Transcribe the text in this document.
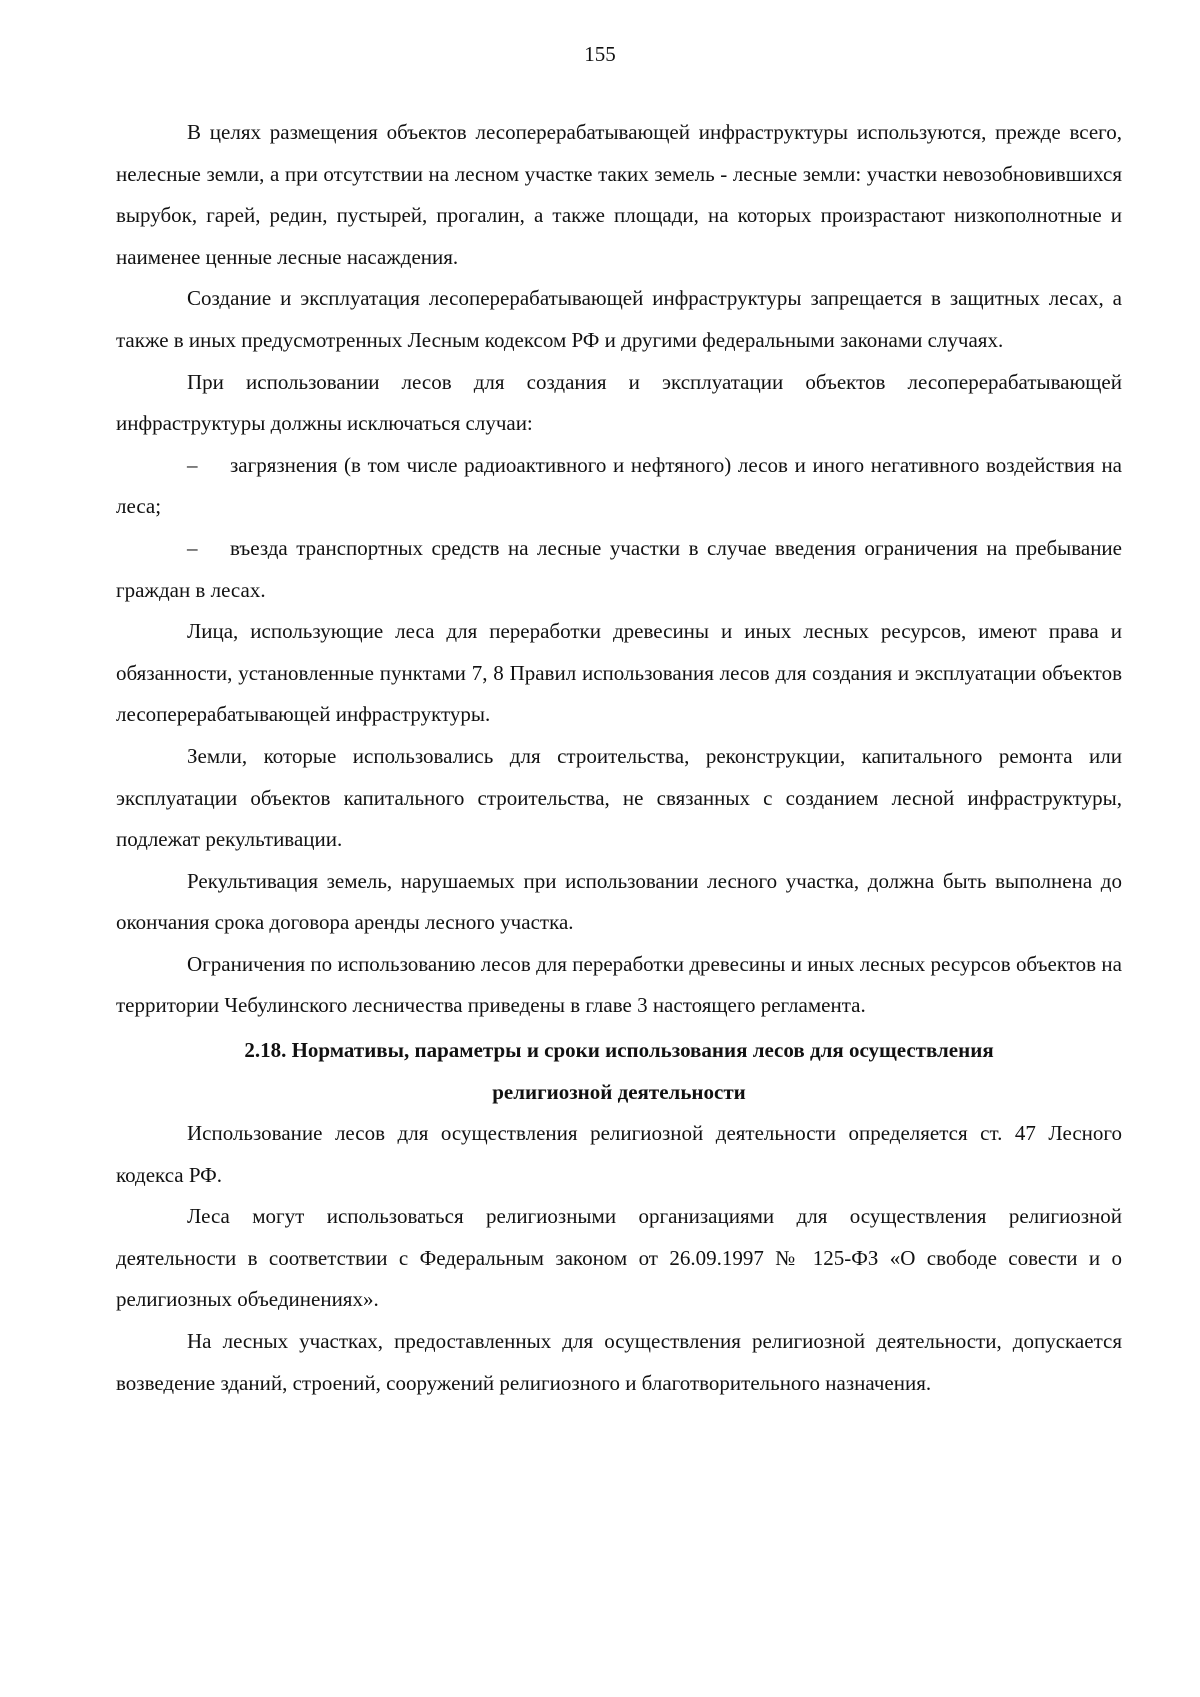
155

В целях размещения объектов лесоперерабатывающей инфраструктуры используются, прежде всего, нелесные земли, а при отсутствии на лесном участке таких земель - лесные земли: участки невозобновившихся вырубок, гарей, редин, пустырей, прогалин, а также площади, на которых произрастают низкополнотные и наименее ценные лесные насаждения.

Создание и эксплуатация лесоперерабатывающей инфраструктуры запрещается в защитных лесах, а также в иных предусмотренных Лесным кодексом РФ и другими федеральными законами случаях.

При использовании лесов для создания и эксплуатации объектов лесоперерабатывающей инфраструктуры должны исключаться случаи:

– загрязнения (в том числе радиоактивного и нефтяного) лесов и иного негативного воздействия на леса;

– въезда транспортных средств на лесные участки в случае введения ограничения на пребывание граждан в лесах.

Лица, использующие леса для переработки древесины и иных лесных ресурсов, имеют права и обязанности, установленные пунктами 7, 8 Правил использования лесов для создания и эксплуатации объектов лесоперерабатывающей инфраструктуры.

Земли, которые использовались для строительства, реконструкции, капитального ремонта или эксплуатации объектов капитального строительства, не связанных с созданием лесной инфраструктуры, подлежат рекультивации.

Рекультивация земель, нарушаемых при использовании лесного участка, должна быть выполнена до окончания срока договора аренды лесного участка.

Ограничения по использованию лесов для переработки древесины и иных лесных ресурсов объектов на территории Чебулинского лесничества приведены в главе 3 настоящего регламента.

2.18. Нормативы, параметры и сроки использования лесов для осуществления
религиозной деятельности

Использование лесов для осуществления религиозной деятельности определяется ст. 47 Лесного кодекса РФ.

Леса могут использоваться религиозными организациями для осуществления религиозной деятельности в соответствии с Федеральным законом от 26.09.1997 № 125-ФЗ «О свободе совести и о религиозных объединениях».

На лесных участках, предоставленных для осуществления религиозной деятельности, допускается возведение зданий, строений, сооружений религиозного и благотворительного назначения.
